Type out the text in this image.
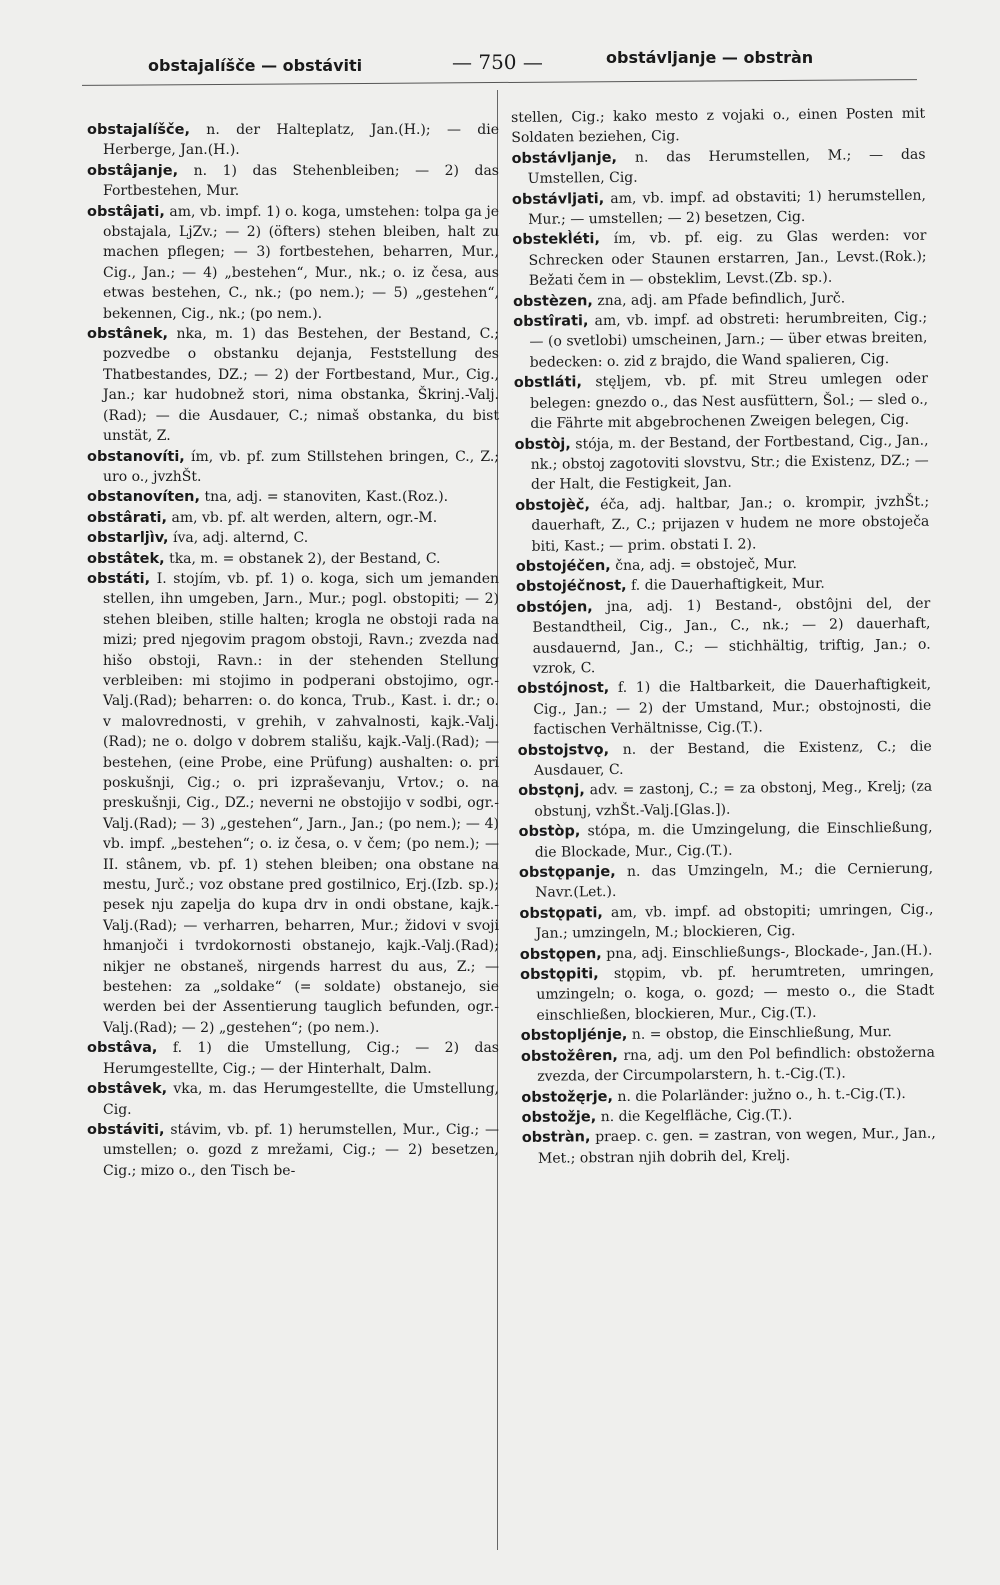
obstajalíšče — obstáviti	— 750 —	obstávljanje — obstràn

obstajalíšče, n. der Halteplatz, Jan.(H.); — die Herberge, Jan.(H.).

obstâjanje, n. 1) das Stehenbleiben; — 2) das Fortbestehen, Mur.

obstâjati, am, vb. impf. 1) o. koga, umstehen: tolpa ga je obstajala, LjZv.; — 2) (öfters) stehen bleiben, halt zu machen pflegen; — 3) fortbestehen, beharren, Mur., Cig., Jan.; — 4) „bestehen“, Mur., nk.; o. iz česa, aus etwas bestehen, C., nk.; (po nem.); — 5) „gestehen“, bekennen, Cig., nk.; (po nem.).

obstânek, nka, m. 1) das Bestehen, der Bestand, C.; pozvedbe o obstanku dejanja, Feststellung des Thatbestandes, DZ.; — 2) der Fortbestand, Mur., Cig., Jan.; kar hudobnež stori, nima obstanka, Škrinj.-Valj.(Rad); — die Ausdauer, C.; nimaš obstanka, du bist unstät, Z.

obstanovíti, ím, vb. pf. zum Stillstehen bringen, C., Z.; uro o., jvzhŠt.

obstanovíten, tna, adj. = stanoviten, Kast.(Roz.).

obstârati, am, vb. pf. alt werden, altern, ogr.-M.

obstarljìv, íva, adj. alternd, C.

obstâtek, tka, m. = obstanek 2), der Bestand, C.

obstáti, I. stojím, vb. pf. 1) o. koga, sich um jemanden stellen, ihn umgeben, Jarn., Mur.; pogl. obstopiti; — 2) stehen bleiben, stille halten; krogla ne obstoji rada na mizi; pred njegovim pragom obstoji, Ravn.; zvezda nad hišo obstoji, Ravn.: in der stehenden Stellung verbleiben: mi stojimo in podperani obstojimo, ogr.-Valj.(Rad); beharren: o. do konca, Trub., Kast. i. dr.; o. v malovrednosti, v grehih, v zahvalnosti, kajk.-Valj.(Rad); ne o. dolgo v dobrem stališu, kajk.-Valj.(Rad); — bestehen, (eine Probe, eine Prüfung) aushalten: o. pri poskušnji, Cig.; o. pri izpraševanju, Vrtov.; o. na preskušnji, Cig., DZ.; neverni ne obstojijo v sodbi, ogr.-Valj.(Rad); — 3) „gestehen“, Jarn., Jan.; (po nem.); — 4) vb. impf. „bestehen“; o. iz česa, o. v čem; (po nem.); — II. stânem, vb. pf. 1) stehen bleiben; ona obstane na mestu, Jurč.; voz obstane pred gostilnico, Erj.(Izb. sp.); pesek nju zapelja do kupa drv in ondi obstane, kajk.-Valj.(Rad); — verharren, beharren, Mur.; židovi v svoji hmanjoči i tvrdokornosti obstanejo, kajk.-Valj.(Rad); nikjer ne obstaneš, nirgends harrest du aus, Z.; — bestehen: za „soldake“ (= soldate) obstanejo, sie werden bei der Assentierung tauglich befunden, ogr.-Valj.(Rad); — 2) „gestehen“; (po nem.).

obstâva, f. 1) die Umstellung, Cig.; — 2) das Herumgestellte, Cig.; — der Hinterhalt, Dalm.

obstâvek, vka, m. das Herumgestellte, die Umstellung, Cig.

obstáviti, stávim, vb. pf. 1) herumstellen, Mur., Cig.; — umstellen; o. gozd z mrežami, Cig.; — 2) besetzen, Cig.; mizo o., den Tisch be-

stellen, Cig.; kako mesto z vojaki o., einen Posten mit Soldaten beziehen, Cig.

obstávljanje, n. das Herumstellen, M.; — das Umstellen, Cig.

obstávljati, am, vb. impf. ad obstaviti; 1) herumstellen, Mur.; — umstellen; — 2) besetzen, Cig.

obstekl̀éti, ím, vb. pf. eig. zu Glas werden: vor Schrecken oder Staunen erstarren, Jan., Levst.(Rok.); Bežati čem in — obsteklim, Levst.(Zb. sp.).

obstèzen, zna, adj. am Pfade befindlich, Jurč.

obstîrati, am, vb. impf. ad obstreti: herumbreiten, Cig.; — (o svetlobi) umscheinen, Jarn.; — über etwas breiten, bedecken: o. zid z brajdo, die Wand spalieren, Cig.

obstláti, stęljem, vb. pf. mit Streu umlegen oder belegen: gnezdo o., das Nest ausfüttern, Šol.; — sled o., die Fährte mit abgebrochenen Zweigen belegen, Cig.

obstòj, stója, m. der Bestand, der Fortbestand, Cig., Jan., nk.; obstoj zagotoviti slovstvu, Str.; die Existenz, DZ.; — der Halt, die Festigkeit, Jan.

obstojèč, éča, adj. haltbar, Jan.; o. krompir, jvzhŠt.; dauerhaft, Z., C.; prijazen v hudem ne more obstoječa biti, Kast.; — prim. obstati I. 2).

obstojéčen, čna, adj. = obstoječ, Mur.

obstojéčnost, f. die Dauerhaftigkeit, Mur.

obstójen, jna, adj. 1) Bestand-, obstôjni del, der Bestandtheil, Cig., Jan., C., nk.; — 2) dauerhaft, ausdauernd, Jan., C.; — stichhältig, triftig, Jan.; o. vzrok, C.

obstójnost, f. 1) die Haltbarkeit, die Dauerhaftigkeit, Cig., Jan.; — 2) der Umstand, Mur.; obstojnosti, die factischen Verhältnisse, Cig.(T.).

obstojstvǫ, n. der Bestand, die Existenz, C.; die Ausdauer, C.

obstǫnj, adv. = zastonj, C.; = za obstonj, Meg., Krelj; (za obstunj, vzhŠt.-Valj.[Glas.]).

obstòp, stópa, m. die Umzingelung, die Einschließung, die Blockade, Mur., Cig.(T.).

obstǫpanje, n. das Umzingeln, M.; die Cernierung, Navr.(Let.).

obstǫpati, am, vb. impf. ad obstopiti; umringen, Cig., Jan.; umzingeln, M.; blockieren, Cig.

obstǫpen, pna, adj. Einschließungs-, Blockade-, Jan.(H.).

obstǫpiti, stǫpim, vb. pf. herumtreten, umringen, umzingeln; o. koga, o. gozd; — mesto o., die Stadt einschließen, blockieren, Mur., Cig.(T.).

obstopljénje, n. = obstop, die Einschließung, Mur.

obstožêren, rna, adj. um den Pol befindlich: obstožerna zvezda, der Circumpolarstern, h. t.-Cig.(T.).

obstožęrje, n. die Polarländer: južno o., h. t.-Cig.(T.).

obstožje, n. die Kegelfläche, Cig.(T.).

obstràn, praep. c. gen. = zastran, von wegen, Mur., Jan., Met.; obstran njih dobrih del, Krelj.
